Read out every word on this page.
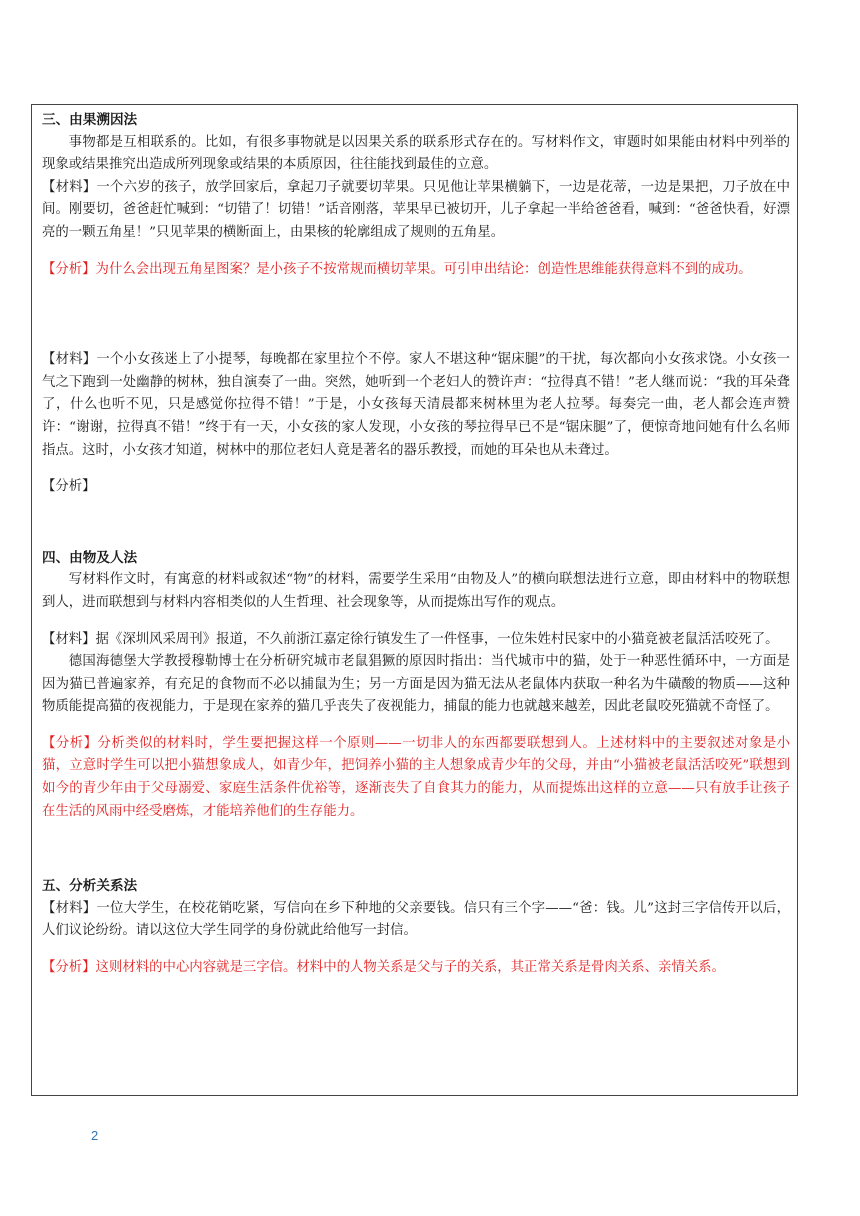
三、由果溯因法
事物都是互相联系的。比如，有很多事物就是以因果关系的联系形式存在的。写材料作文，审题时如果能由材料中列举的现象或结果推究出造成所列现象或结果的本质原因，往往能找到最佳的立意。
【材料】一个六岁的孩子，放学回家后，拿起刀子就要切苹果。只见他让苹果横躺下，一边是花蒂，一边是果把，刀子放在中间。刚要切，爸爸赶忙喊到：“切错了！切错！”话音刚落，苹果早已被切开，儿子拿起一半给爸爸看，喊到：“爸爸快看，好漂亮的一颗五角星！”只见苹果的横断面上，由果核的轮廓组成了规则的五角星。
【分析】为什么会出现五角星图案？是小孩子不按常规而横切苹果。可引申出结论：创造性思维能获得意料不到的成功。
【材料】一个小女孩迷上了小提琴，每晚都在家里拉个不停。家人不堪这种“锯床腿”的干扰，每次都向小女孩求饶。小女孩一气之下跑到一处幽静的树林，独自演奏了一曲。突然，她听到一个老妇人的赞许声：“拉得真不错！”老人继而说：“我的耳朵聋了，什么也听不见，只是感觉你拉得不错！”于是，小女孩每天清晨都来树林里为老人拉琴。每奏完一曲，老人都会连声赞许：“谢谢，拉得真不错！”终于有一天，小女孩的家人发现，小女孩的琴拉得早已不是“锯床腿”了，便惊奇地问她有什么名师指点。这时，小女孩才知道，树林中的那位老妇人竟是著名的器乐教授，而她的耳朵也从未聋过。
【分析】
四、由物及人法
写材料作文时，有寓意的材料或叙述“物”的材料，需要学生采用“由物及人”的横向联想法进行立意，即由材料中的物联想到人，进而联想到与材料内容相类似的人生哲理、社会现象等，从而提炼出写作的观点。
【材料】据《深圳风采周刊》报道，不久前浙江嘉定徐行镇发生了一件怪事，一位朱姓村民家中的小猫竟被老鼠活活咬死了。
德国海德堡大学教授穆勒博士在分析研究城市老鼠猖獗的原因时指出：当代城市中的猫，处于一种恶性循环中，一方面是因为猫已普遍家养，有充足的食物而不必以捕鼠为生；另一方面是因为猫无法从老鼠体内获取一种名为牛磺酸的物质——这种物质能提高猫的夜视能力，于是现在家养的猫几乎丧失了夜视能力，捕鼠的能力也就越来越差，因此老鼠咬死猫就不奇怪了。
【分析】分析类似的材料时，学生要把握这样一个原则——一切非人的东西都要联想到人。上述材料中的主要叙述对象是小猫，立意时学生可以把小猫想象成人，如青少年，把饲养小猫的主人想象成青少年的父母，并由“小猫被老鼠活活咬死”联想到如今的青少年由于父母溺爱、家庭生活条件优裕等，逐渐丧失了自食其力的能力，从而提炼出这样的立意——只有放手让孩子在生活的风雨中经受磨炼，才能培养他们的生存能力。
五、分析关系法
【材料】一位大学生，在校花销吃紧，写信向在乡下种地的父亲要钱。信只有三个字——“爸：钱。儿”这封三字信传开以后，人们议论纷纷。请以这位大学生同学的身份就此给他写一封信。
【分析】这则材料的中心内容就是三字信。材料中的人物关系是父与子的关系，其正常关系是骨肉关系、亲情关系。
2
